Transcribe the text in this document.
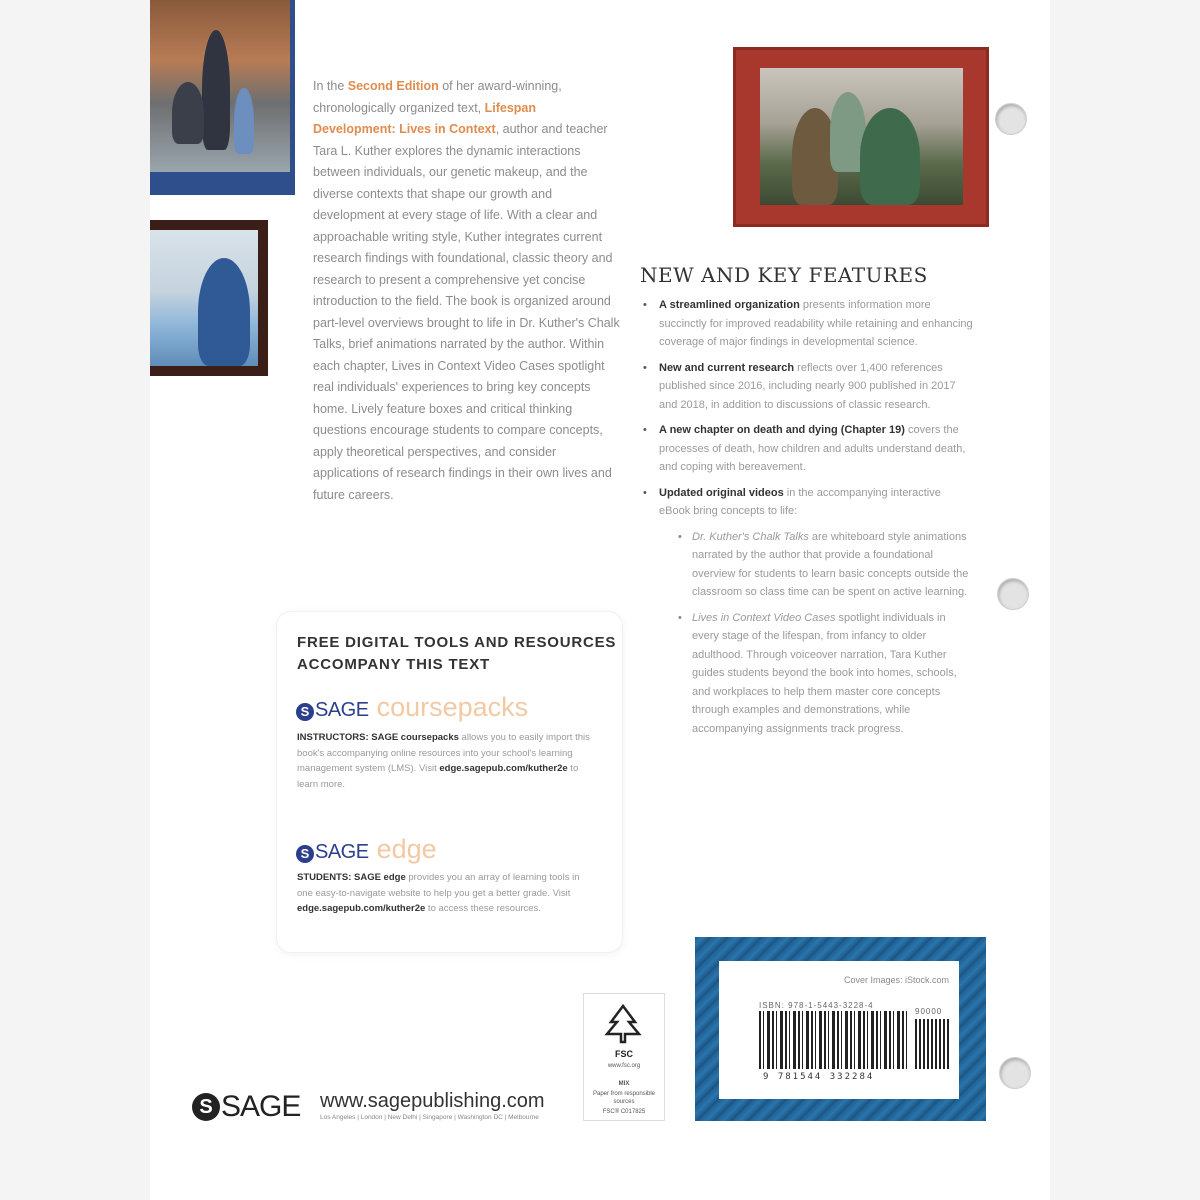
Cover Images: iStock.com
ISBN: 978-1-5443-3228-4
90000
9 781544 332284
In the Second Edition of her award-winning, chronologically organized text, Lifespan Development: Lives in Context, author and teacher Tara L. Kuther explores the dynamic interactions between individuals, our genetic makeup, and the diverse contexts that shape our growth and development at every stage of life. With a clear and approachable writing style, Kuther integrates current research findings with foundational, classic theory and research to present a comprehensive yet concise introduction to the field. The book is organized around part-level overviews brought to life in Dr. Kuther's Chalk Talks, brief animations narrated by the author. Within each chapter, Lives in Context Video Cases spotlight real individuals' experiences to bring key concepts home. Lively feature boxes and critical thinking questions encourage students to compare concepts, apply theoretical perspectives, and consider applications of research findings in their own lives and future careers.
FREE DIGITAL TOOLS AND RESOURCES ACCOMPANY THIS TEXT
S SAGE coursepacks
INSTRUCTORS: SAGE coursepacks allows you to easily import this book's accompanying online resources into your school's learning management system (LMS). Visit edge.sagepub.com/kuther2e to learn more.
S SAGE edge
STUDENTS: SAGE edge provides you an array of learning tools in one easy-to-navigate website to help you get a better grade. Visit edge.sagepub.com/kuther2e to access these resources.
NEW AND KEY FEATURES
• A streamlined organization presents information more succinctly for improved readability while retaining and enhancing coverage of major findings in developmental science.
• New and current research reflects over 1,400 references published since 2016, including nearly 900 published in 2017 and 2018, in addition to discussions of classic research.
• A new chapter on death and dying (Chapter 19) covers the processes of death, how children and adults understand death, and coping with bereavement.
• Updated original videos in the accompanying interactive eBook bring concepts to life:
• Dr. Kuther's Chalk Talks are whiteboard style animations narrated by the author that provide a foundational overview for students to learn basic concepts outside the classroom so class time can be spent on active learning.
• Lives in Context Video Cases spotlight individuals in every stage of the lifespan, from infancy to older adulthood. Through voiceover narration, Tara Kuther guides students beyond the book into homes, schools, and workplaces to help them master core concepts through examples and demonstrations, while accompanying assignments track progress.
FSC
www.fsc.org
MIX
Paper from responsible sources
FSC® C017825
S SAGE www.sagepublishing.com
Los Angeles | London | New Delhi | Singapore | Washington DC | Melbourne
